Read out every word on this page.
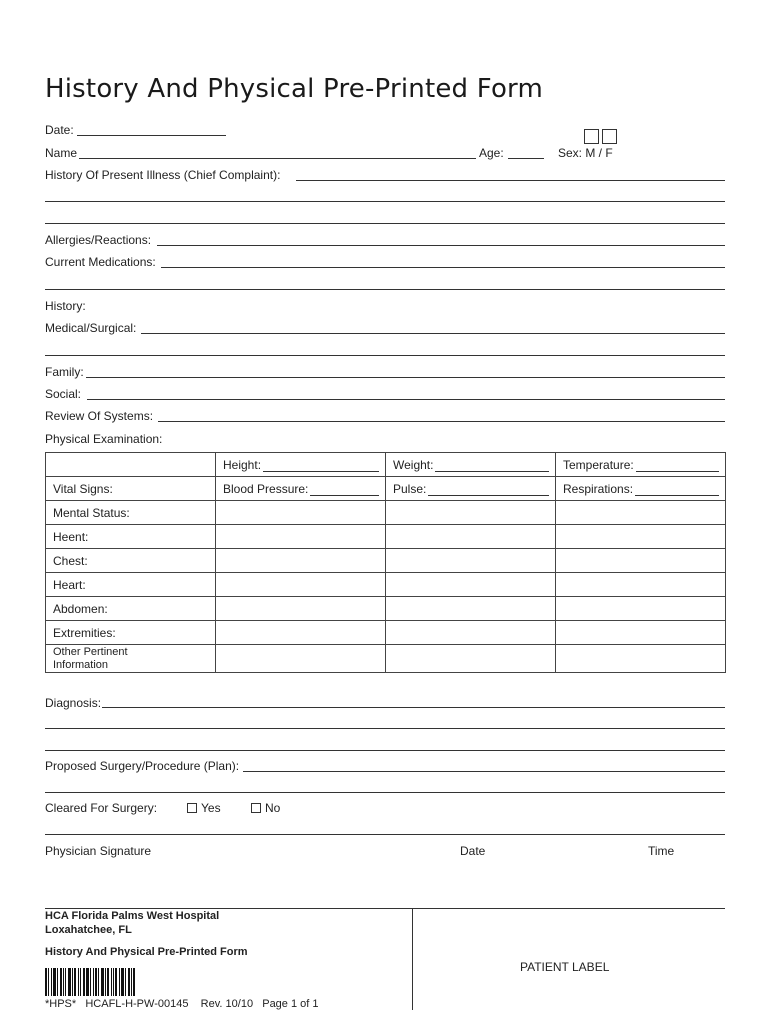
History And Physical Pre-Printed Form
Date:
Name	Age:	Sex: M / F
History Of Present Illness (Chief Complaint):
Allergies/Reactions:
Current Medications:
History:
Medical/Surgical:
Family:
Social:
Review Of Systems:
Physical Examination:

	Height:	Weight:	Temperature:

Vital Signs:	Blood Pressure:	Pulse:	Respirations:

Mental Status:			
Heent:			
Chest:			
Heart:			
Abdomen:			
Extremities:			

Other Pertinent Information			

Diagnosis:
Proposed Surgery/Procedure (Plan):
Cleared For Surgery:	Yes	No
Physician Signature	Date	Time
HCA Florida Palms West Hospital
Loxahatchee, FL
History And Physical Pre-Printed Form
*HPS*   HCAFL-H-PW-00145    Rev. 10/10   Page 1 of 1
PATIENT LABEL
